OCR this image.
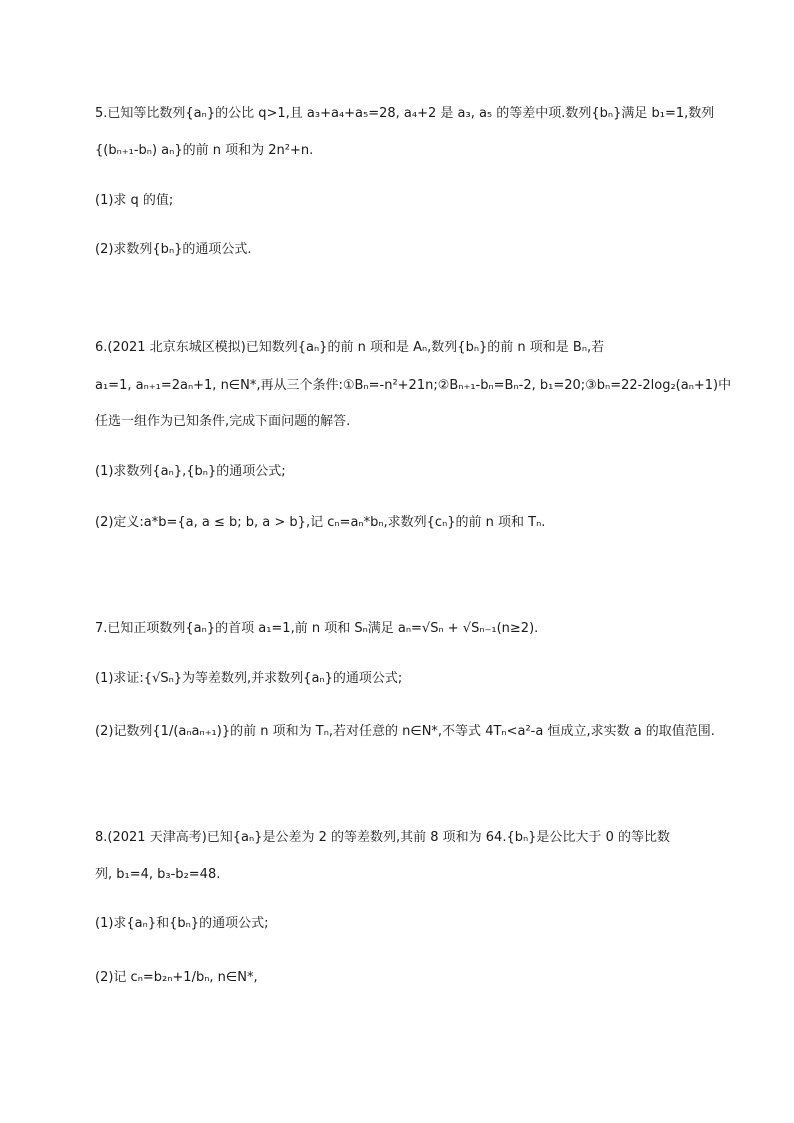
5.已知等比数列{aₙ}的公比 q>1,且 a₃+a₄+a₅=28, a₄+2 是 a₃, a₅ 的等差中项.数列{bₙ}满足 b₁=1,数列
{(bₙ₊₁-bₙ) aₙ}的前 n 项和为 2n²+n.
(1)求 q 的值;
(2)求数列{bₙ}的通项公式.
6.(2021 北京东城区模拟)已知数列{aₙ}的前 n 项和是 Aₙ,数列{bₙ}的前 n 项和是 Bₙ,若
a₁=1, aₙ₊₁=2aₙ+1, n∈N*,再从三个条件:①Bₙ=-n²+21n;②Bₙ₊₁-bₙ=Bₙ-2, b₁=20;③bₙ=22-2log₂(aₙ+1)中
任选一组作为已知条件,完成下面问题的解答.
(1)求数列{aₙ},{bₙ}的通项公式;
(2)定义:a*b={a, a ≤ b; b, a > b},记 cₙ=aₙ*bₙ,求数列{cₙ}的前 n 项和 Tₙ.
7.已知正项数列{aₙ}的首项 a₁=1,前 n 项和 Sₙ满足 aₙ=√Sₙ + √Sₙ₋₁(n≥2).
(1)求证:{√Sₙ}为等差数列,并求数列{aₙ}的通项公式;
(2)记数列{1/(aₙaₙ₊₁)}的前 n 项和为 Tₙ,若对任意的 n∈N*,不等式 4Tₙ<a²-a 恒成立,求实数 a 的取值范围.
8.(2021 天津高考)已知{aₙ}是公差为 2 的等差数列,其前 8 项和为 64.{bₙ}是公比大于 0 的等比数
列, b₁=4, b₃-b₂=48.
(1)求{aₙ}和{bₙ}的通项公式;
(2)记 cₙ=b₂ₙ+1/bₙ, n∈N*,
